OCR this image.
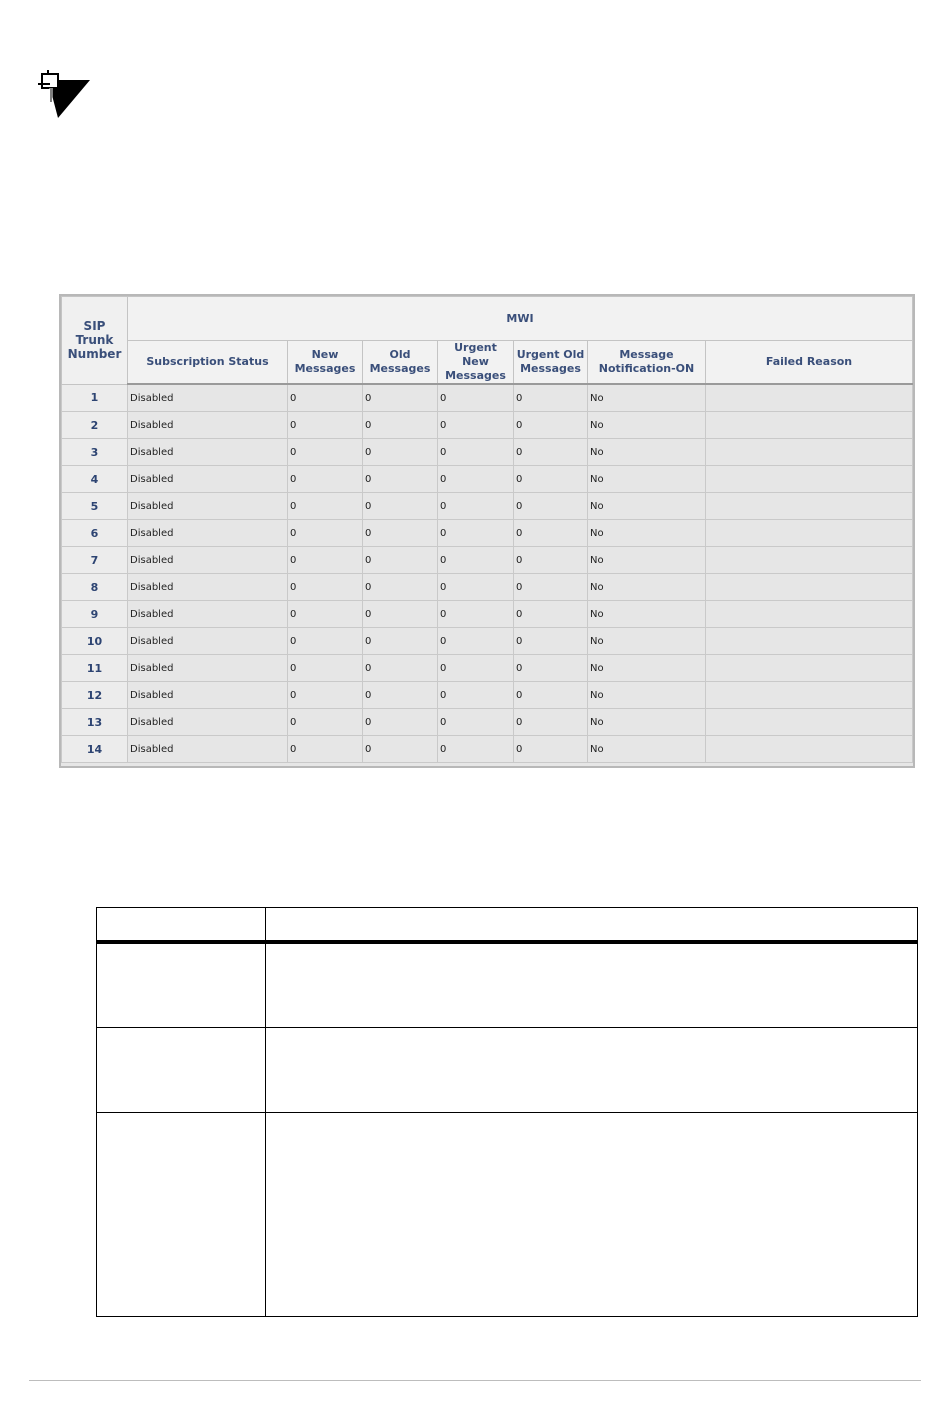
SIP Trunk Number	MWI						
	Subscription Status	New Messages	Old Messages	Urgent New Messages	Urgent Old Messages	Message Notification-ON	Failed Reason
1	Disabled	0	0	0	0	No	
2	Disabled	0	0	0	0	No	
3	Disabled	0	0	0	0	No	
4	Disabled	0	0	0	0	No	
5	Disabled	0	0	0	0	No	
6	Disabled	0	0	0	0	No	
7	Disabled	0	0	0	0	No	
8	Disabled	0	0	0	0	No	
9	Disabled	0	0	0	0	No	
10	Disabled	0	0	0	0	No	
11	Disabled	0	0	0	0	No	
12	Disabled	0	0	0	0	No	
13	Disabled	0	0	0	0	No	
14	Disabled	0	0	0	0	No	
